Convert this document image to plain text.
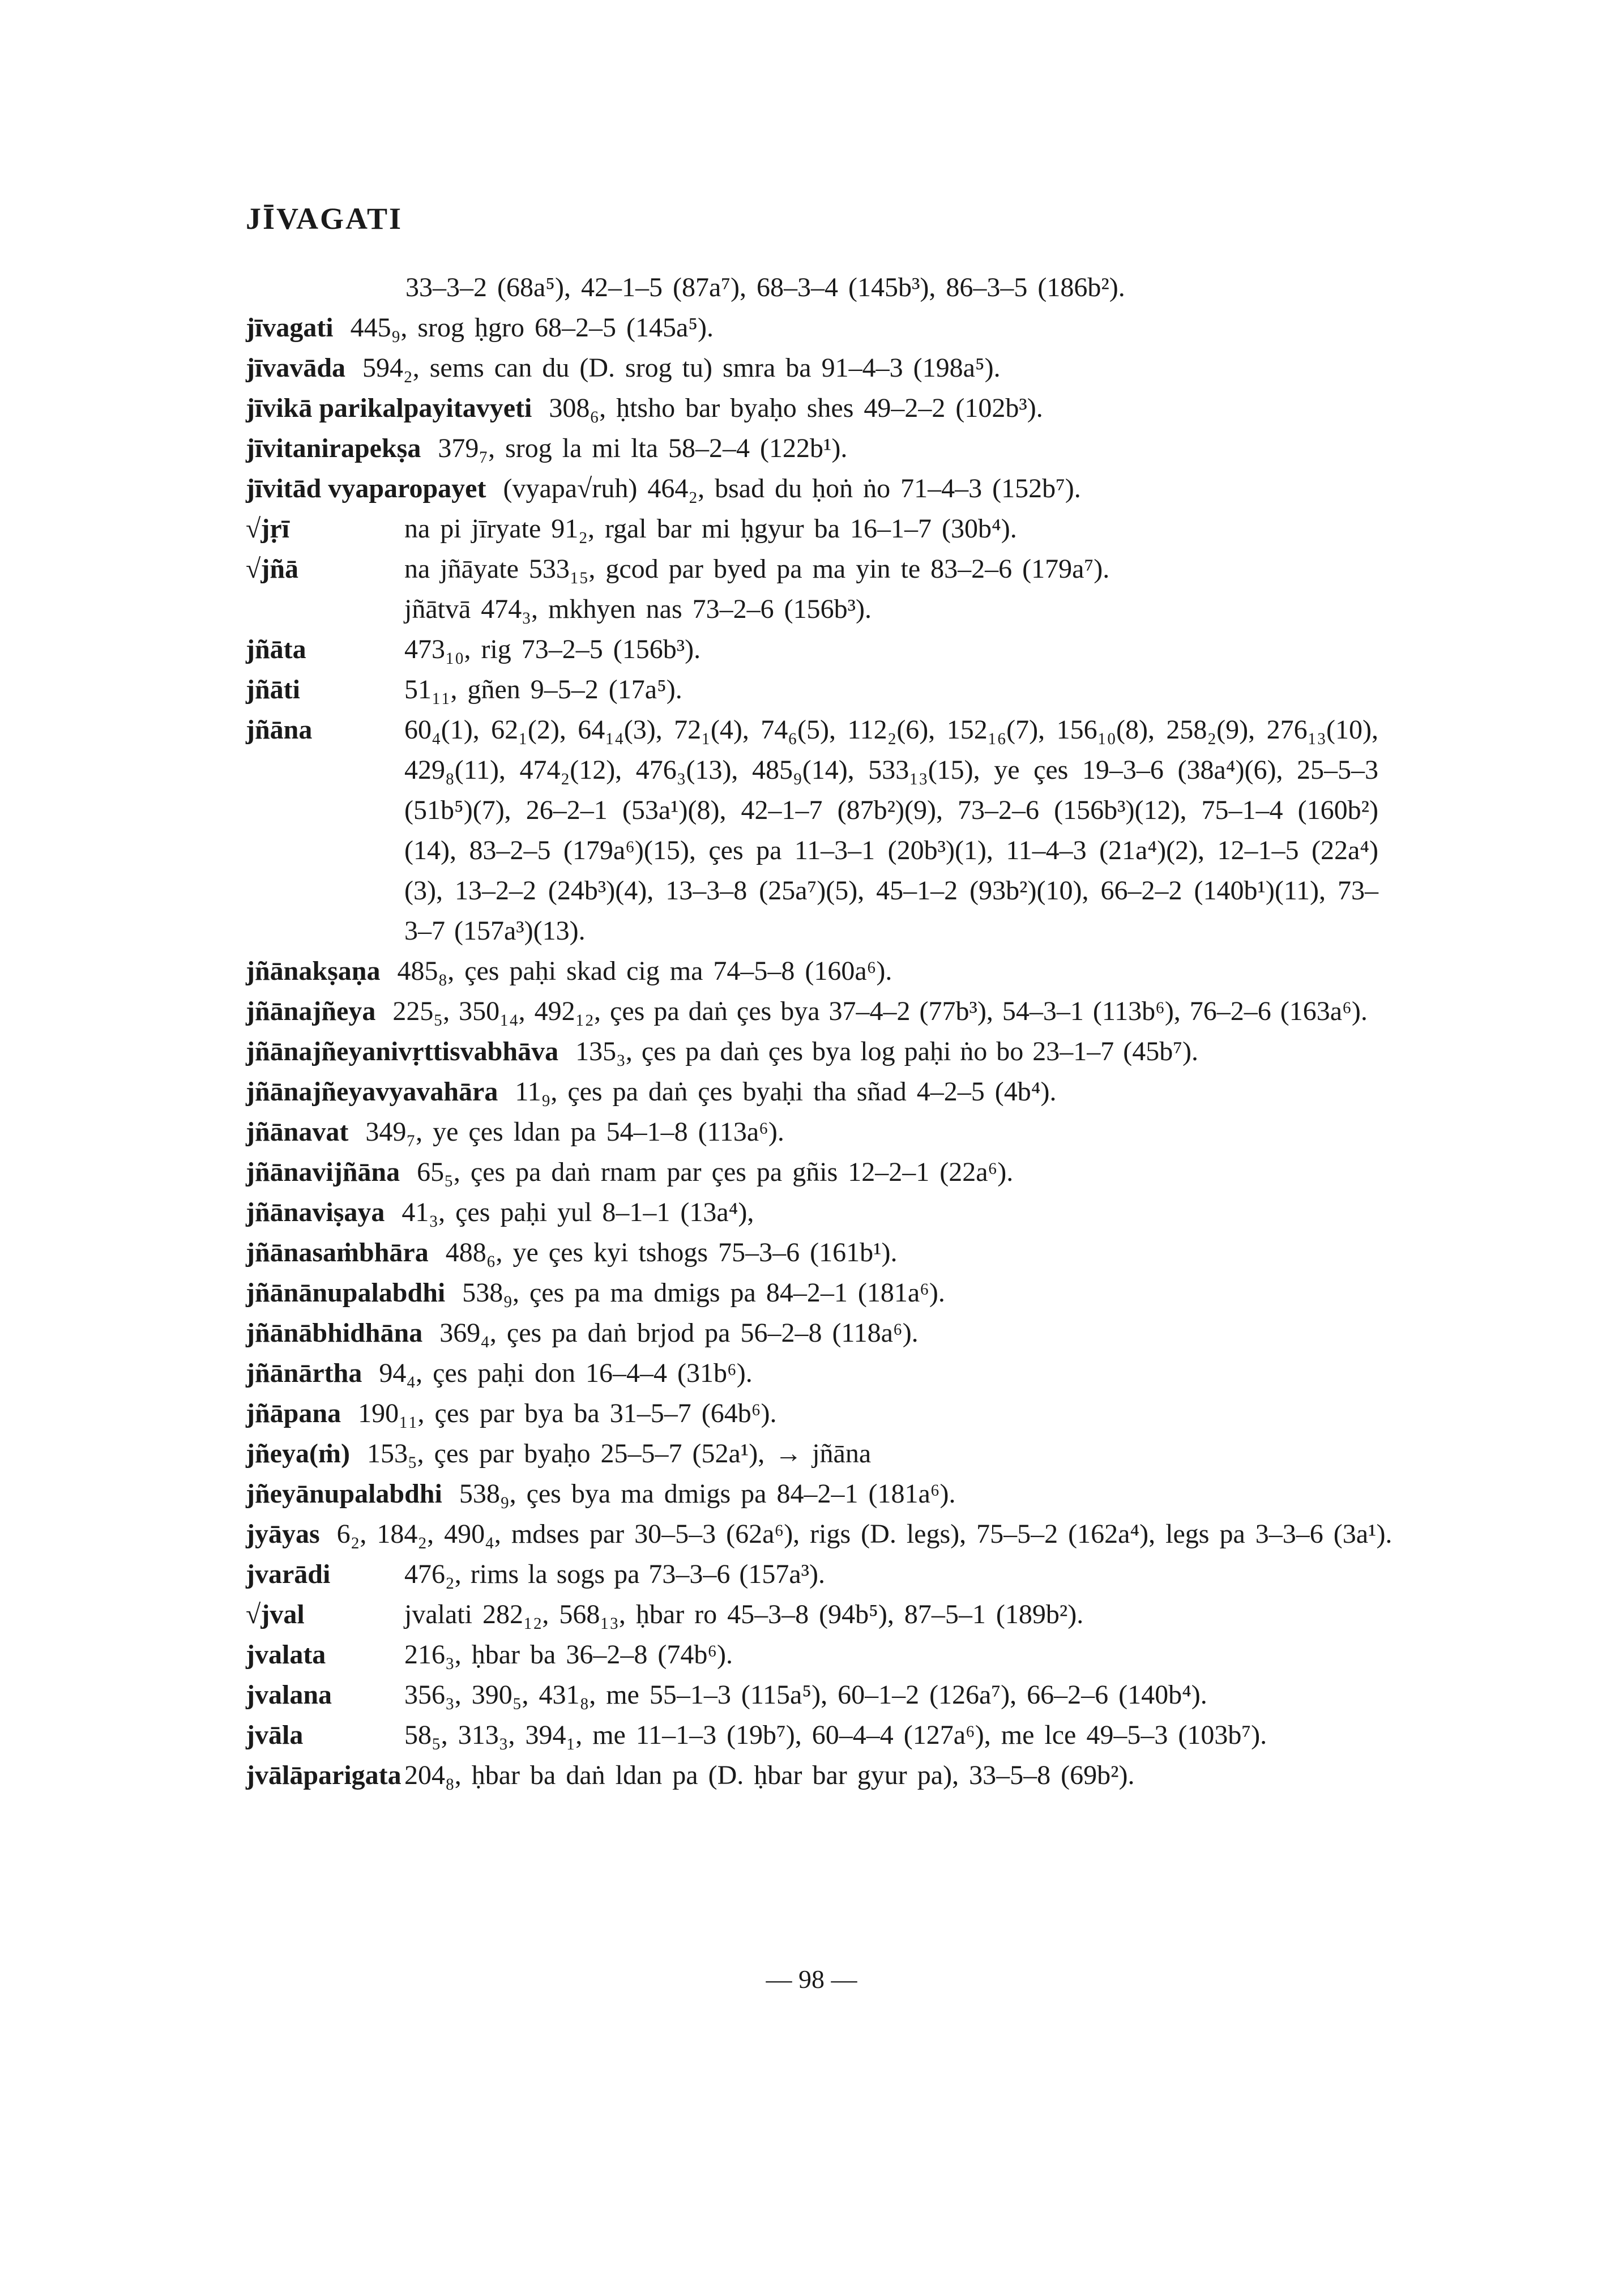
JĪVAGATI
33–3–2 (68a⁵), 42–1–5 (87a⁷), 68–3–4 (145b³), 86–3–5 (186b²).
jīvagati 445₉, srog ḥgro 68–2–5 (145a⁵).
jīvavāda 594₂, sems can du (D. srog tu) smra ba 91–4–3 (198a⁵).
jīvikā parikalpayitavyeti 308₆, ḥtsho bar byaḥo shes 49–2–2 (102b³).
jīvitanirapekṣa 379₇, srog la mi lta 58–2–4 (122b¹).
jīvitād vyaparopayet (vyapa√ruh) 464₂, bsad du ḥoṅ ṅo 71–4–3 (152b⁷).
√jṛī	na pi jīryate 91₂, rgal bar mi ḥgyur ba 16–1–7 (30b⁴).
√jñā	na jñāyate 533₁₅, gcod par byed pa ma yin te 83–2–6 (179a⁷).
jñātvā 474₃, mkhyen nas 73–2–6 (156b³).
jñāta	473₁₀, rig 73–2–5 (156b³).
jñāti	51₁₁, gñen 9–5–2 (17a⁵).
jñāna	60₄(1), 62₁(2), 64₁₄(3), 72₁(4), 74₆(5), 112₂(6), 152₁₆(7), 156₁₀(8), 258₂(9), 276₁₃(10), 429₈(11), 474₂(12), 476₃(13), 485₉(14), 533₁₃(15), ye çes 19–3–6 (38a⁴)(6), 25–5–3 (51b⁵)(7), 26–2–1 (53a¹)(8), 42–1–7 (87b²)(9), 73–2–6 (156b³)(12), 75–1–4 (160b²)(14), 83–2–5 (179a⁶)(15), çes pa 11–3–1 (20b³)(1), 11–4–3 (21a⁴)(2), 12–1–5 (22a⁴)(3), 13–2–2 (24b³)(4), 13–3–8 (25a⁷)(5), 45–1–2 (93b²)(10), 66–2–2 (140b¹)(11), 73–3–7 (157a³)(13).
jñānakṣaṇa 485₈, çes paḥi skad cig ma 74–5–8 (160a⁶).
jñānajñeya 225₅, 350₁₄, 492₁₂, çes pa daṅ çes bya 37–4–2 (77b³), 54–3–1 (113b⁶), 76–2–6 (163a⁶).
jñānajñeyanivṛttisvabhāva 135₃, çes pa daṅ çes bya log paḥi ṅo bo 23–1–7 (45b⁷).
jñānajñeyavyavahāra 11₉, çes pa daṅ çes byaḥi tha sñad 4–2–5 (4b⁴).
jñānavat 349₇, ye çes ldan pa 54–1–8 (113a⁶).
jñānavijñāna 65₅, çes pa daṅ rnam par çes pa gñis 12–2–1 (22a⁶).
jñānaviṣaya 41₃, çes paḥi yul 8–1–1 (13a⁴),
jñānasaṁbhāra 488₆, ye çes kyi tshogs 75–3–6 (161b¹).
jñānānupalabdhi 538₉, çes pa ma dmigs pa 84–2–1 (181a⁶).
jñānābhidhāna 369₄, çes pa daṅ brjod pa 56–2–8 (118a⁶).
jñānārtha 94₄, çes paḥi don 16–4–4 (31b⁶).
jñāpana 190₁₁, çes par bya ba 31–5–7 (64b⁶).
jñeya(ṁ) 153₅, çes par byaḥo 25–5–7 (52a¹), → jñāna
jñeyānupalabdhi 538₉, çes bya ma dmigs pa 84–2–1 (181a⁶).
jyāyas 6₂, 184₂, 490₄, mdses par 30–5–3 (62a⁶), rigs (D. legs), 75–5–2 (162a⁴), legs pa 3–3–6 (3a¹).
jvarādi	476₂, rims la sogs pa 73–3–6 (157a³).
√jval	jvalati 282₁₂, 568₁₃, ḥbar ro 45–3–8 (94b⁵), 87–5–1 (189b²).
jvalata	216₃, ḥbar ba 36–2–8 (74b⁶).
jvalana	356₃, 390₅, 431₈, me 55–1–3 (115a⁵), 60–1–2 (126a⁷), 66–2–6 (140b⁴).
jvāla	58₅, 313₃, 394₁, me 11–1–3 (19b⁷), 60–4–4 (127a⁶), me lce 49–5–3 (103b⁷).
jvālāparigata 204₈, ḥbar ba daṅ ldan pa (D. ḥbar bar gyur pa), 33–5–8 (69b²).
— 98 —
